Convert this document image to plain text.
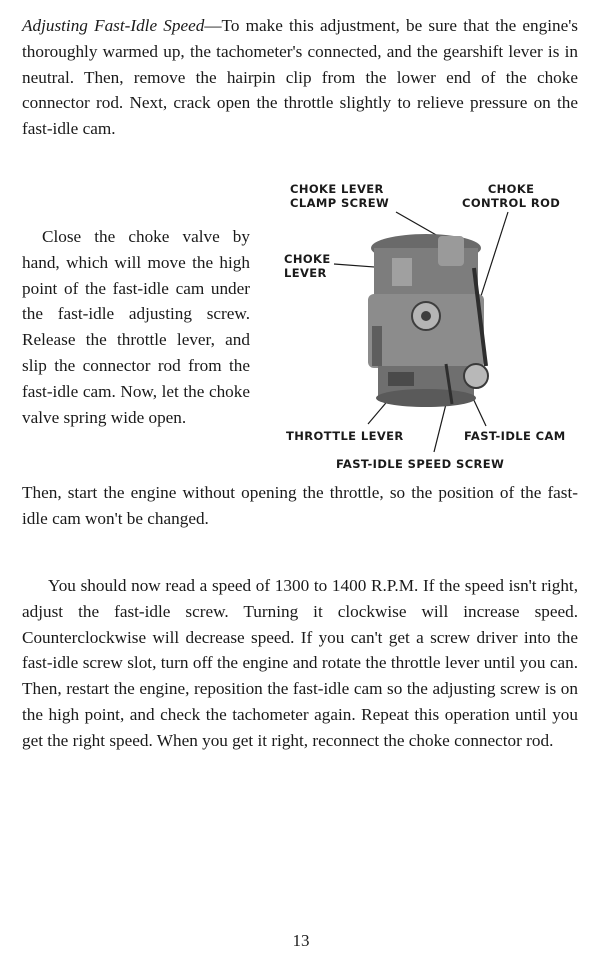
Adjusting Fast-Idle Speed—To make this adjustment, be sure that the engine's thoroughly warmed up, the tachometer's connected, and the gearshift lever is in neutral. Then, remove the hairpin clip from the lower end of the choke connector rod. Next, crack open the throttle slightly to relieve pressure on the fast-idle cam.

Close the choke valve by hand, which will move the high point of the fast-idle cam under the fast-idle adjusting screw. Release the throttle lever, and slip the connector rod from the fast-idle cam. Now, let the choke valve spring wide open.

Then, start the engine without opening the throttle, so the position of the fast-idle cam won't be changed.

CHOKE LEVER
CLAMP SCREW
CHOKE
CONTROL ROD
CHOKE
LEVER
THROTTLE LEVER	FAST-IDLE CAM
FAST-IDLE SPEED SCREW

You should now read a speed of 1300 to 1400 R.P.M. If the speed isn't right, adjust the fast-idle screw. Turning it clockwise will increase speed. Counterclockwise will decrease speed. If you can't get a screw driver into the fast-idle screw slot, turn off the engine and rotate the throttle lever until you can. Then, restart the engine, reposition the fast-idle cam so the adjusting screw is on the high point, and check the tachometer again. Repeat this operation until you get the right speed. When you get it right, reconnect the choke connector rod.

13
